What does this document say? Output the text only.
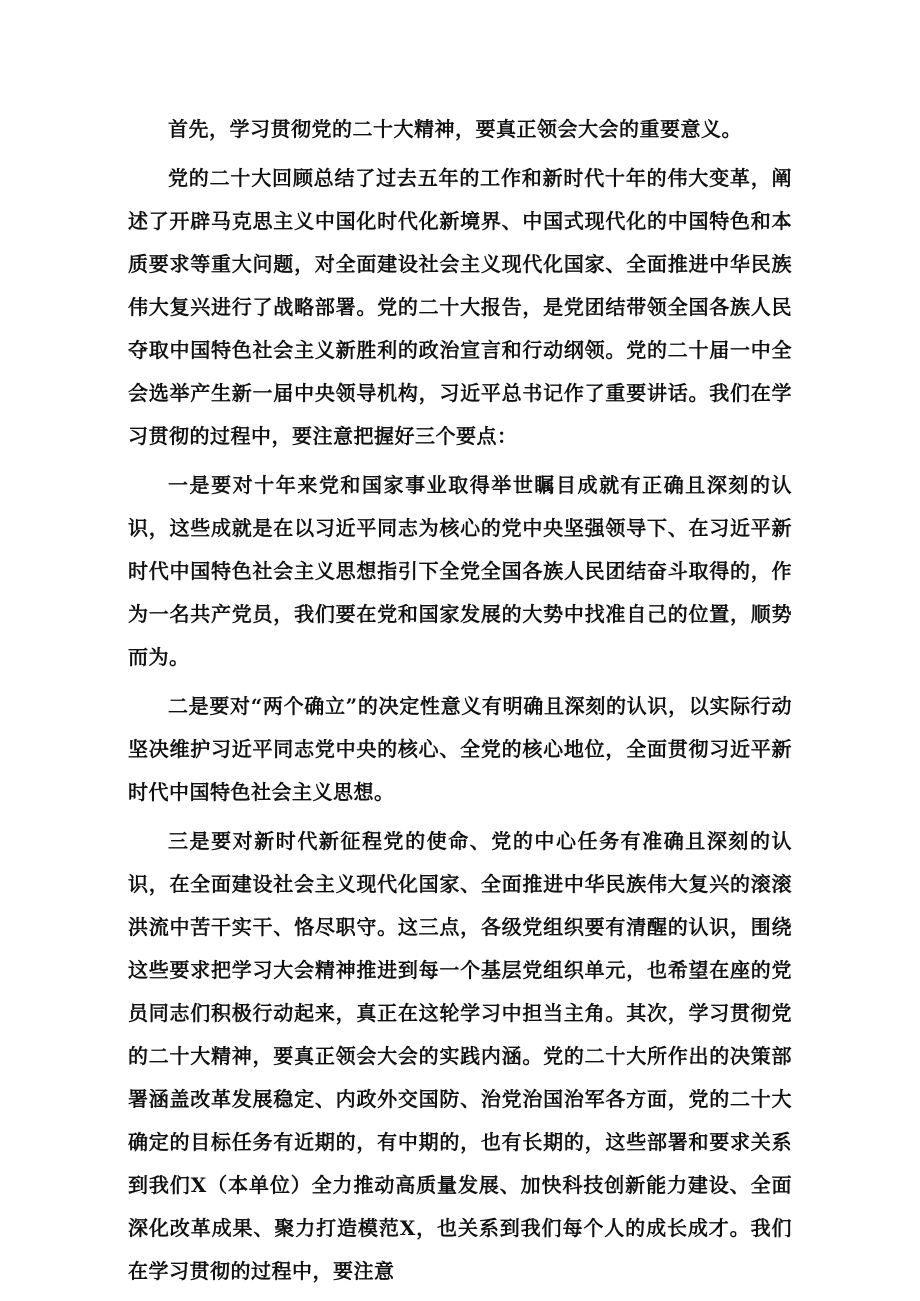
首先，学习贯彻党的二十大精神，要真正领会大会的重要意义。

党的二十大回顾总结了过去五年的工作和新时代十年的伟大变革，阐述了开辟马克思主义中国化时代化新境界、中国式现代化的中国特色和本质要求等重大问题，对全面建设社会主义现代化国家、全面推进中华民族伟大复兴进行了战略部署。党的二十大报告，是党团结带领全国各族人民夺取中国特色社会主义新胜利的政治宣言和行动纲领。党的二十届一中全会选举产生新一届中央领导机构，习近平总书记作了重要讲话。我们在学习贯彻的过程中，要注意把握好三个要点：

一是要对十年来党和国家事业取得举世瞩目成就有正确且深刻的认识，这些成就是在以习近平同志为核心的党中央坚强领导下、在习近平新时代中国特色社会主义思想指引下全党全国各族人民团结奋斗取得的，作为一名共产党员，我们要在党和国家发展的大势中找准自己的位置，顺势而为。

二是要对“两个确立”的决定性意义有明确且深刻的认识，以实际行动坚决维护习近平同志党中央的核心、全党的核心地位，全面贯彻习近平新时代中国特色社会主义思想。

三是要对新时代新征程党的使命、党的中心任务有准确且深刻的认识，在全面建设社会主义现代化国家、全面推进中华民族伟大复兴的滚滚洪流中苦干实干、恪尽职守。这三点，各级党组织要有清醒的认识，围绕这些要求把学习大会精神推进到每一个基层党组织单元，也希望在座的党员同志们积极行动起来，真正在这轮学习中担当主角。其次，学习贯彻党的二十大精神，要真正领会大会的实践内涵。党的二十大所作出的决策部署涵盖改革发展稳定、内政外交国防、治党治国治军各方面，党的二十大确定的目标任务有近期的，有中期的，也有长期的，这些部署和要求关系到我们X（本单位）全力推动高质量发展、加快科技创新能力建设、全面深化改革成果、聚力打造模范X，也关系到我们每个人的成长成才。我们在学习贯彻的过程中，要注意
